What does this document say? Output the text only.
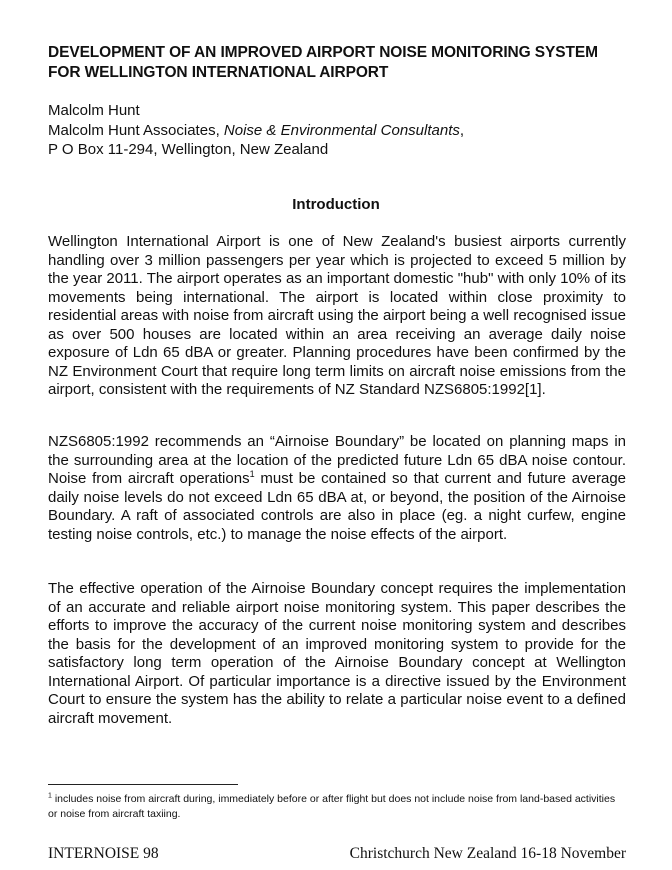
DEVELOPMENT OF AN IMPROVED AIRPORT NOISE MONITORING SYSTEM
FOR WELLINGTON INTERNATIONAL AIRPORT
Malcolm Hunt
Malcolm Hunt Associates, Noise & Environmental Consultants,
P O Box 11-294, Wellington, New Zealand
Introduction

Wellington International Airport is one of New Zealand's busiest airports currently handling over 3 million passengers per year which is projected to exceed 5 million by the year 2011. The airport operates as an important domestic "hub" with only 10% of its movements being international. The airport is located within close proximity to residential areas with noise from aircraft using the airport being a well recognised issue as over 500 houses are located within an area receiving an average daily noise exposure of Ldn 65 dBA or greater. Planning procedures have been confirmed by the NZ Environment Court that require long term limits on aircraft noise emissions from the airport, consistent with the requirements of NZ Standard NZS6805:1992[1].

NZS6805:1992 recommends an “Airnoise Boundary” be located on planning maps in the surrounding area at the location of the predicted future Ldn 65 dBA noise contour. Noise from aircraft operations$^1$ must be contained so that current and future average daily noise levels do not exceed Ldn 65 dBA at, or beyond, the position of the Airnoise Boundary. A raft of associated controls are also in place (eg. a night curfew, engine testing noise controls, etc.) to manage the noise effects of the airport.

The effective operation of the Airnoise Boundary concept requires the implementation of an accurate and reliable airport noise monitoring system. This paper describes the efforts to improve the accuracy of the current noise monitoring system and describes the basis for the development of an improved monitoring system to provide for the satisfactory long term operation of the Airnoise Boundary concept at Wellington International Airport. Of particular importance is a directive issued by the Environment Court to ensure the system has the ability to relate a particular noise event to a defined aircraft movement.

$^1$ includes noise from aircraft during, immediately before or after flight but does not include noise from land-based activities or noise from aircraft taxiing.
INTERNOISE 98	Christchurch New Zealand 16-18 November
